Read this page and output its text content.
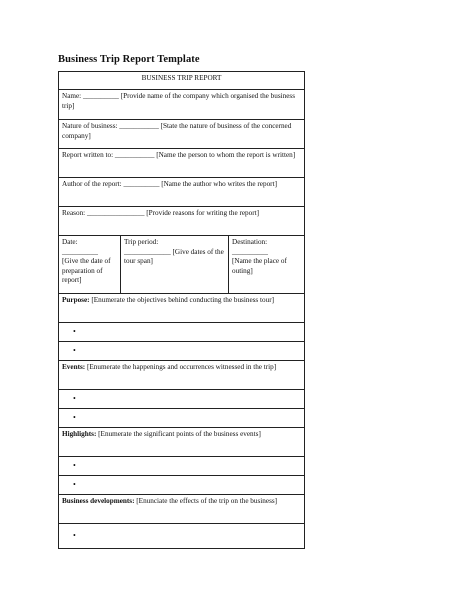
Business Trip Report Template
BUSINESS TRIP REPORT
Name: __________ [Provide name of the company which organised the business trip]
Nature of business: ___________ [State the nature of business of the concerned company]
Report written to: ___________ [Name the person to whom the report is written]
Author of the report: __________ [Name the author who writes the report]
Reason: ________________ [Provide reasons for writing the report]

Date:
__________
[Give the date of preparation of report]

Trip period:
_____________ [Give dates of the tour span]

Destination:
__________
[Name the place of outing]

Purpose: [Enumerate the objectives behind conducting the business tour]
•
•
Events: [Enumerate the happenings and occurrences witnessed in the trip]
•
•
Highlights: [Enumerate the significant points of the business events]
•
•
Business developments: [Enunciate the effects of the trip on the business]
•
